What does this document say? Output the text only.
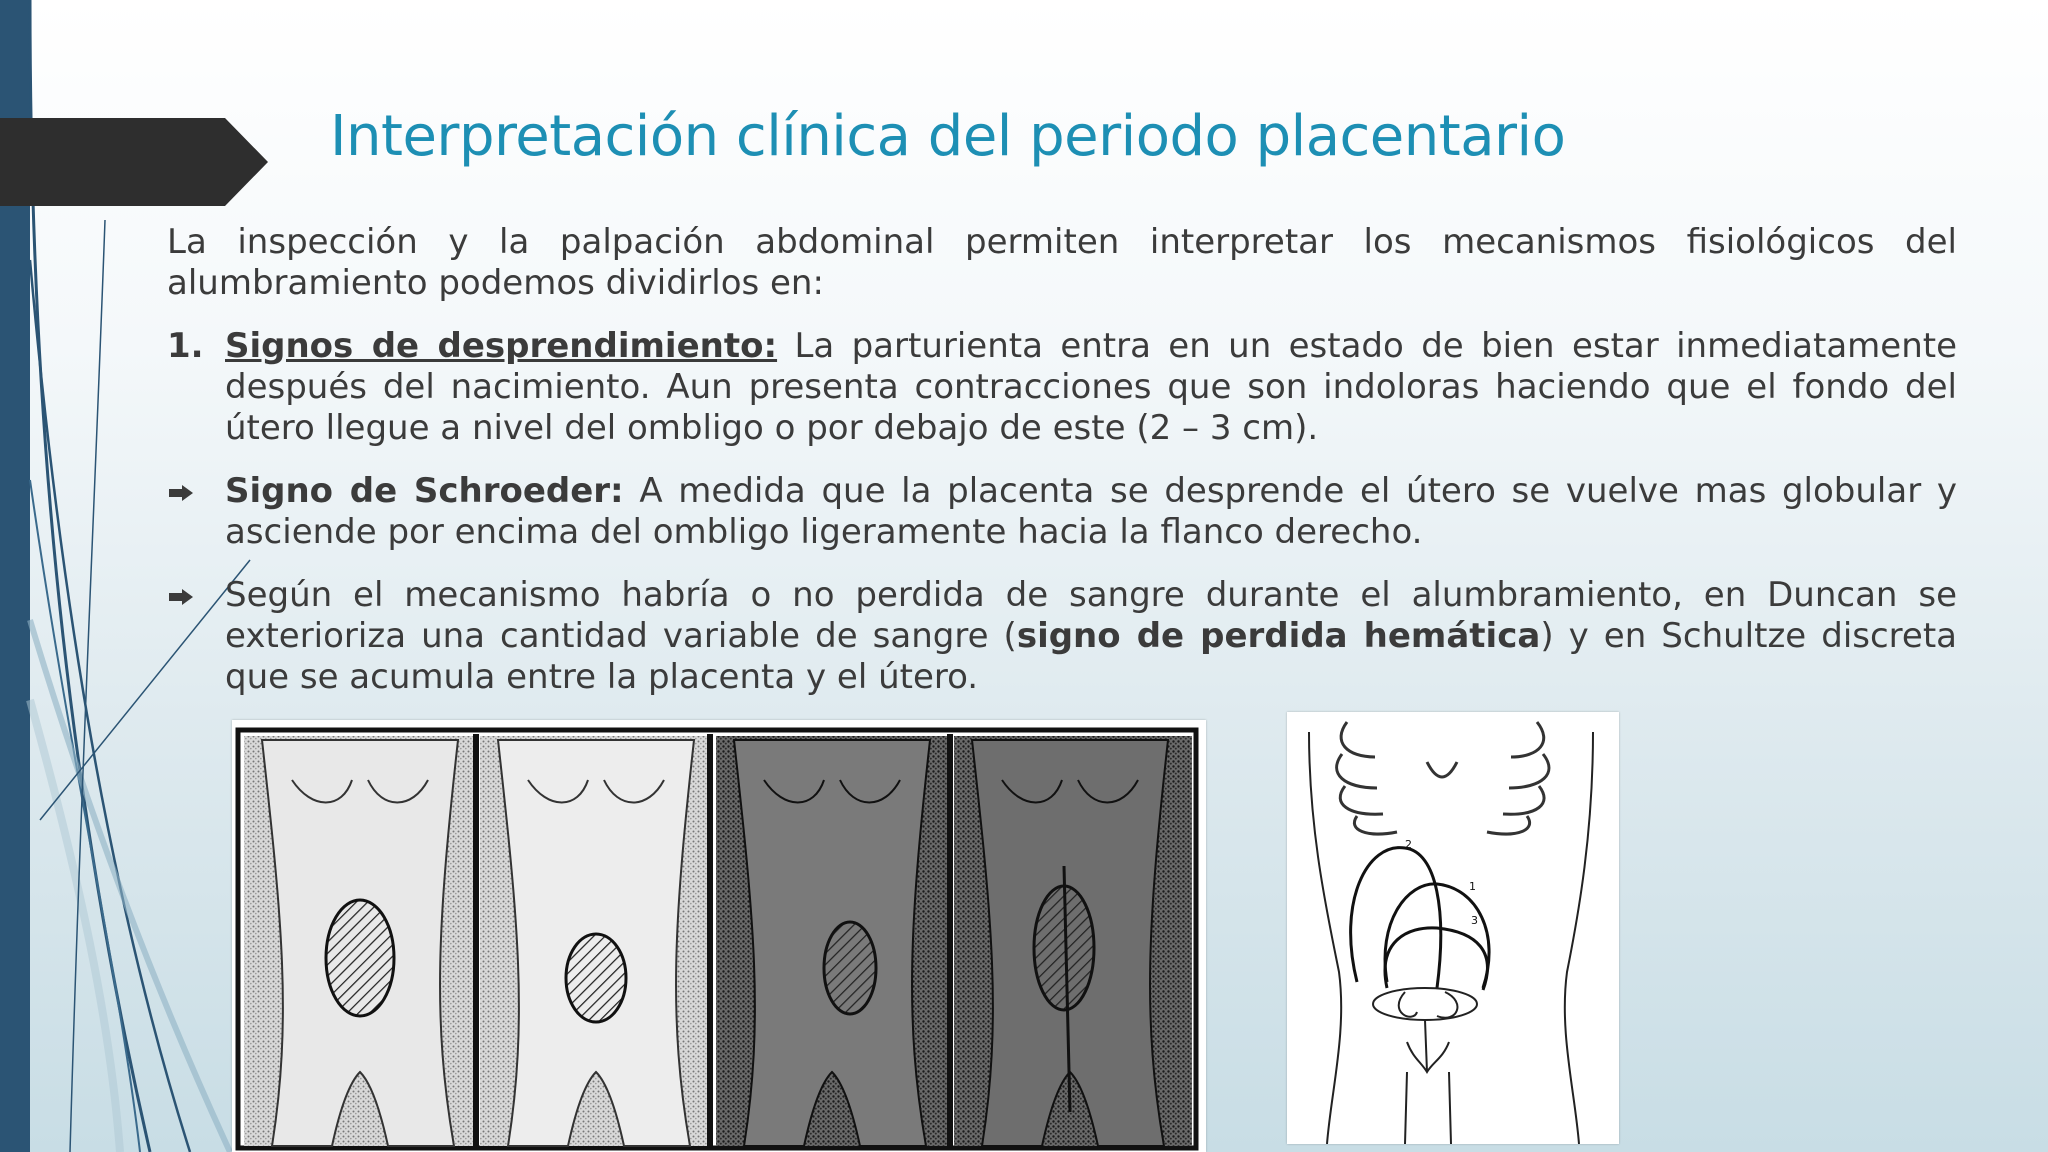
Interpretación clínica del periodo placentario

La inspección y la palpación abdominal permiten interpretar los mecanismos fisiológicos del alumbramiento podemos dividirlos en:

1. Signos de desprendimiento: La parturienta entra en un estado de bien estar inmediatamente después del nacimiento. Aun presenta contracciones que son indoloras haciendo que el fondo del útero llegue a nivel del ombligo o por debajo de este (2 – 3 cm).
Signo de Schroeder: A medida que la placenta se desprende el útero se vuelve mas globular y asciende por encima del ombligo ligeramente hacia la flanco derecho.
Según el mecanismo habría o no perdida de sangre durante el alumbramiento, en Duncan se exterioriza una cantidad variable de sangre (signo de perdida hemática) y en Schultze discreta que se acumula entre la placenta y el útero.
2
1
3
